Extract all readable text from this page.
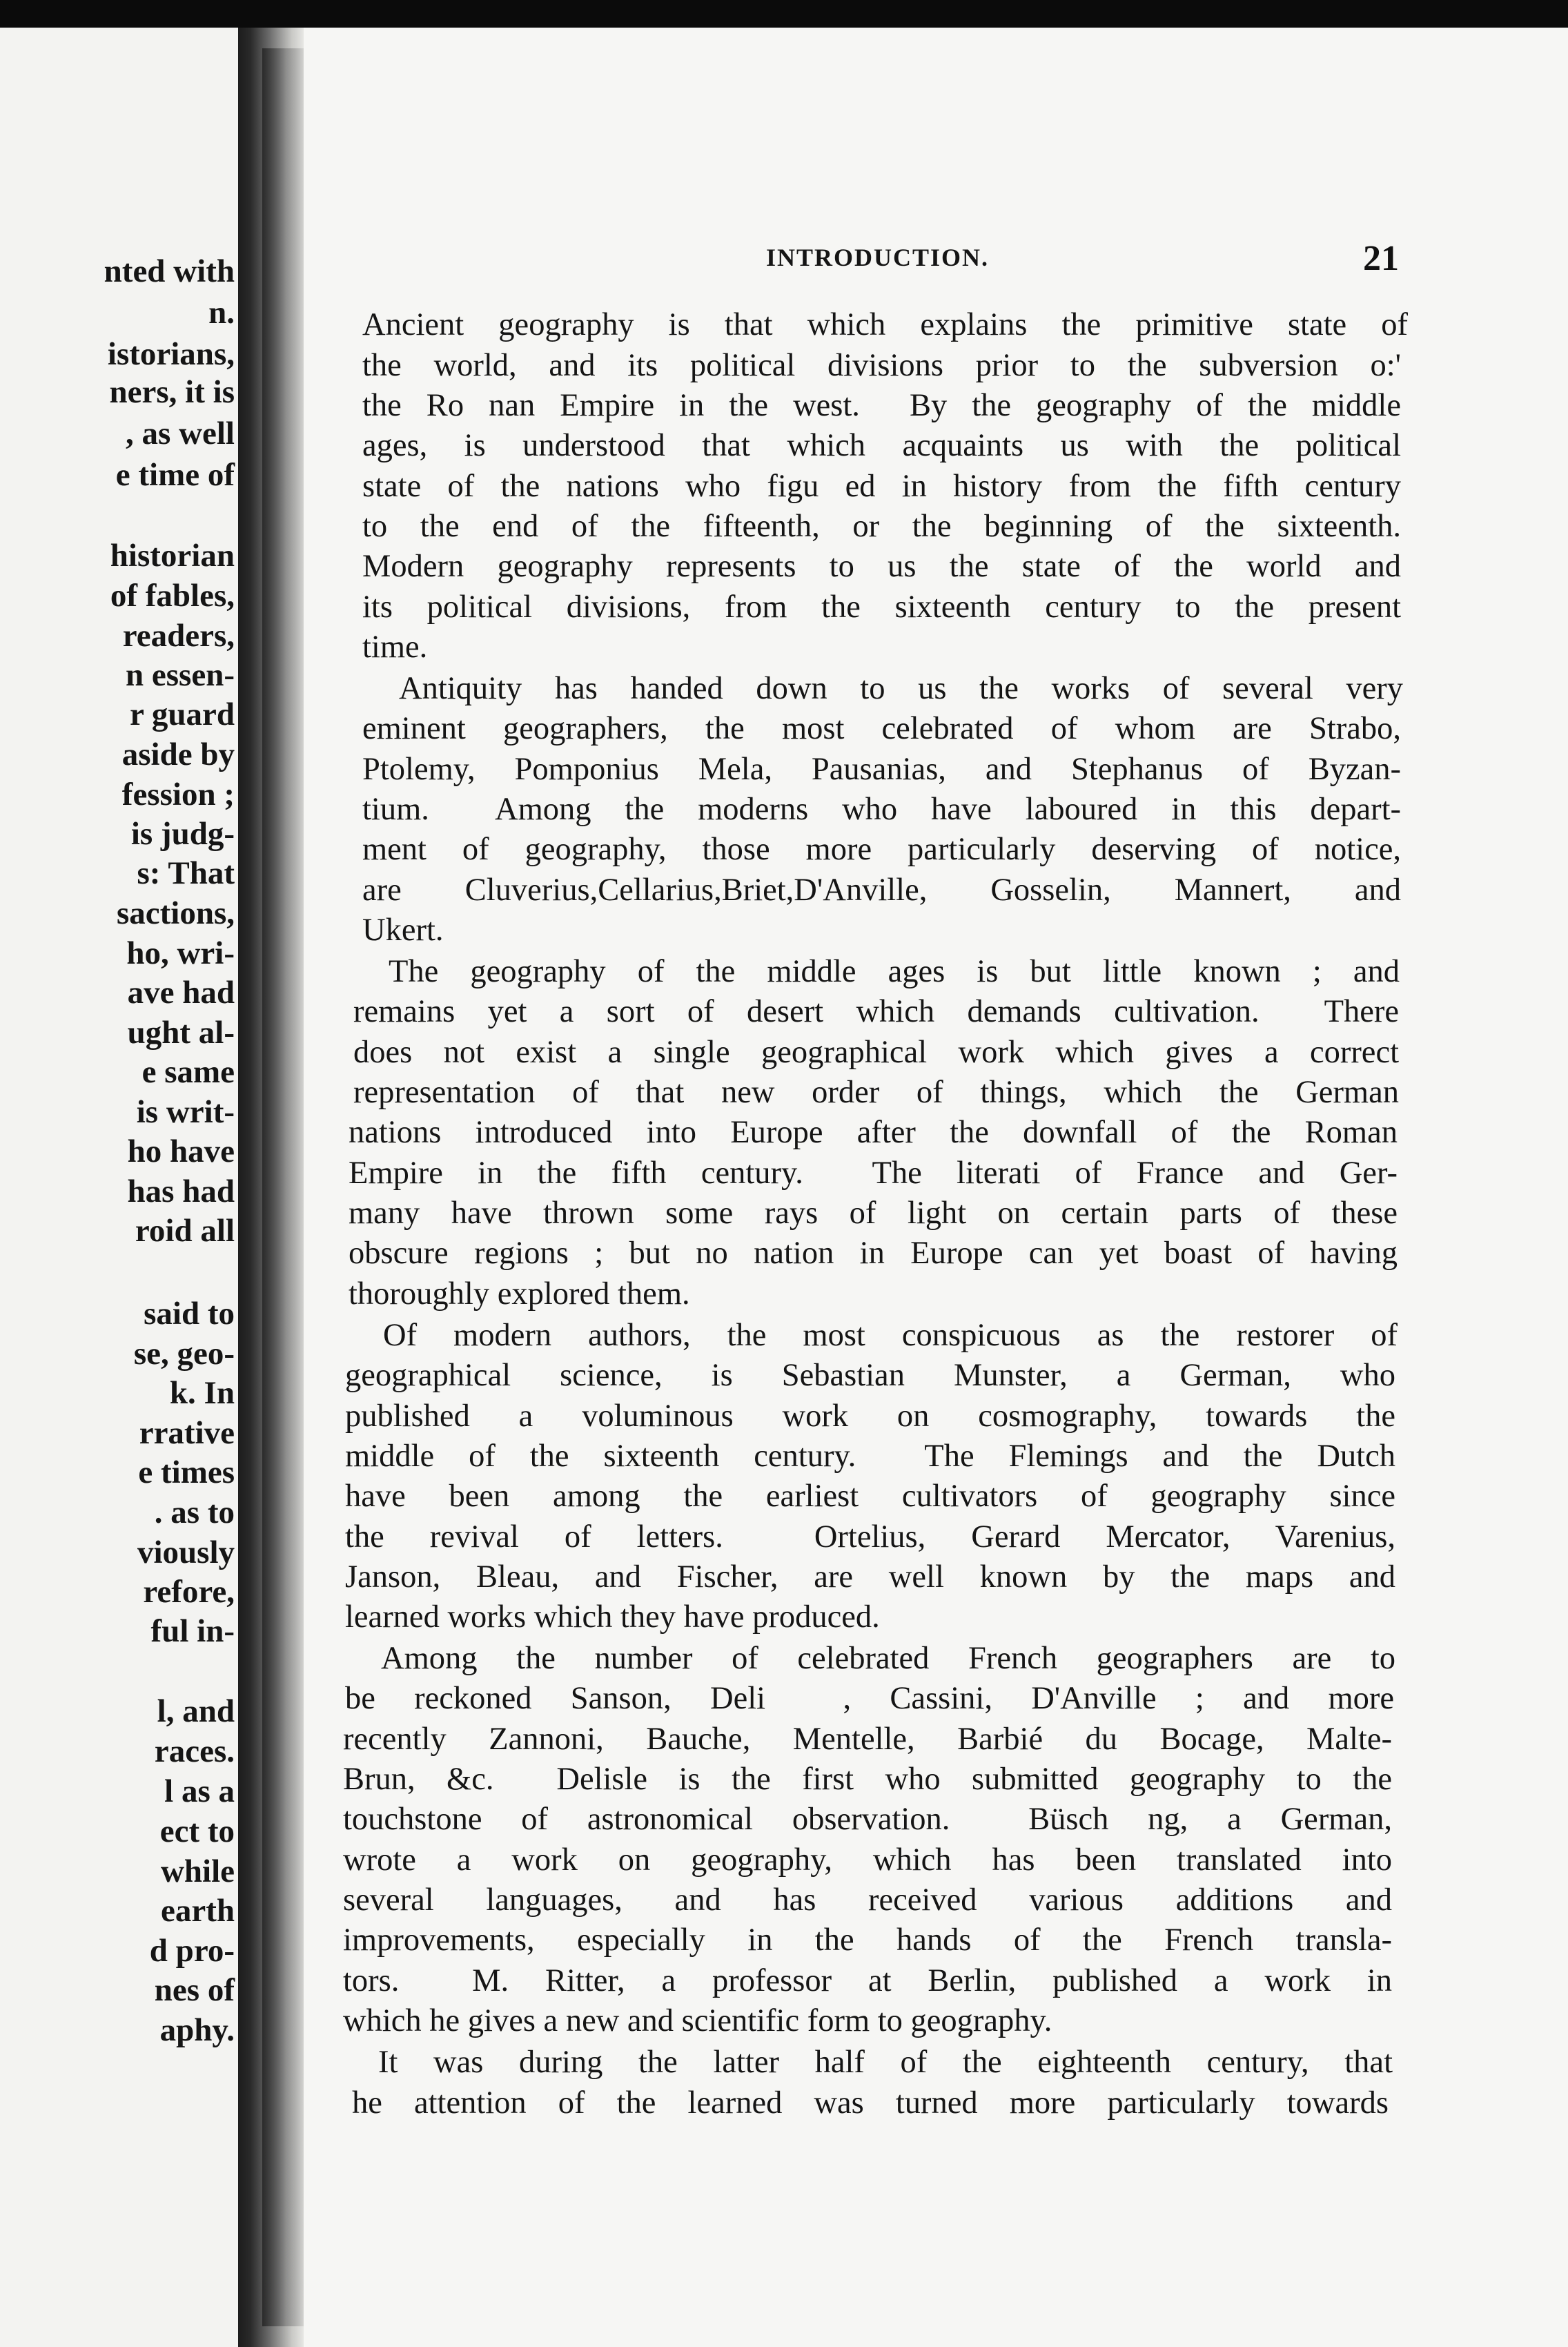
nted with
n.
istorians,
ners, it is
, as well
e time of
historian
of fables,
readers,
n essen-
r guard
aside by
fession ;
is judg-
s: That
sactions,
ho, wri-
ave had
ught al-
e same
is writ-
ho have
has had
roid all
said to
se, geo-
k. In
rrative
e times
. as to
viously
refore,
ful in-
l, and
races.
l as a
ect to
while
earth
d pro-
nes of
aphy.
INTRODUCTION.	21
Ancient geography is that which explains the primitive state of
the world, and its political divisions prior to the subversion o:'
the Ro nan Empire in the west.  By the geography of the middle
ages, is understood that which acquaints us with the political
state of the nations who figu ed in history from the fifth century
to the end of the fifteenth, or the beginning of the sixteenth.
Modern geography represents to us the state of the world and
its political divisions, from the sixteenth century to the present
time.
Antiquity has handed down to us the works of several very
eminent geographers, the most celebrated of whom are Strabo,
Ptolemy, Pomponius Mela, Pausanias, and Stephanus of Byzan-
tium.  Among the moderns who have laboured in this depart-
ment of geography, those more particularly deserving of notice,
are Cluverius,Cellarius,Briet,D'Anville, Gosselin, Mannert, and
Ukert.
The geography of the middle ages is but little known ; and
remains yet a sort of desert which demands cultivation.  There
does not exist a single geographical work which gives a correct
representation of that new order of things, which the German
nations introduced into Europe after the downfall of the Roman
Empire in the fifth century.  The literati of France and Ger-
many have thrown some rays of light on certain parts of these
obscure regions ; but no nation in Europe can yet boast of having
thoroughly explored them.
Of modern authors, the most conspicuous as the restorer of
geographical science, is Sebastian Munster, a German, who
published a voluminous work on cosmography, towards the
middle of the sixteenth century.  The Flemings and the Dutch
have been among the earliest cultivators of geography since
the revival of letters.  Ortelius, Gerard Mercator, Varenius,
Janson, Bleau, and Fischer, are well known by the maps and
learned works which they have produced.
Among the number of celebrated French geographers are to
be reckoned Sanson, Deli  , Cassini, D'Anville ; and more
recently Zannoni, Bauche, Mentelle, Barbié du Bocage, Malte-
Brun, &c.  Delisle is the first who submitted geography to the
touchstone of astronomical observation.  Büsch ng, a German,
wrote a work on geography, which has been translated into
several languages, and has received various additions and
improvements, especially in the hands of the French transla-
tors.  M. Ritter, a professor at Berlin, published a work in
which he gives a new and scientific form to geography.
It was during the latter half of the eighteenth century, that
he attention of the learned was turned more particularly towards
